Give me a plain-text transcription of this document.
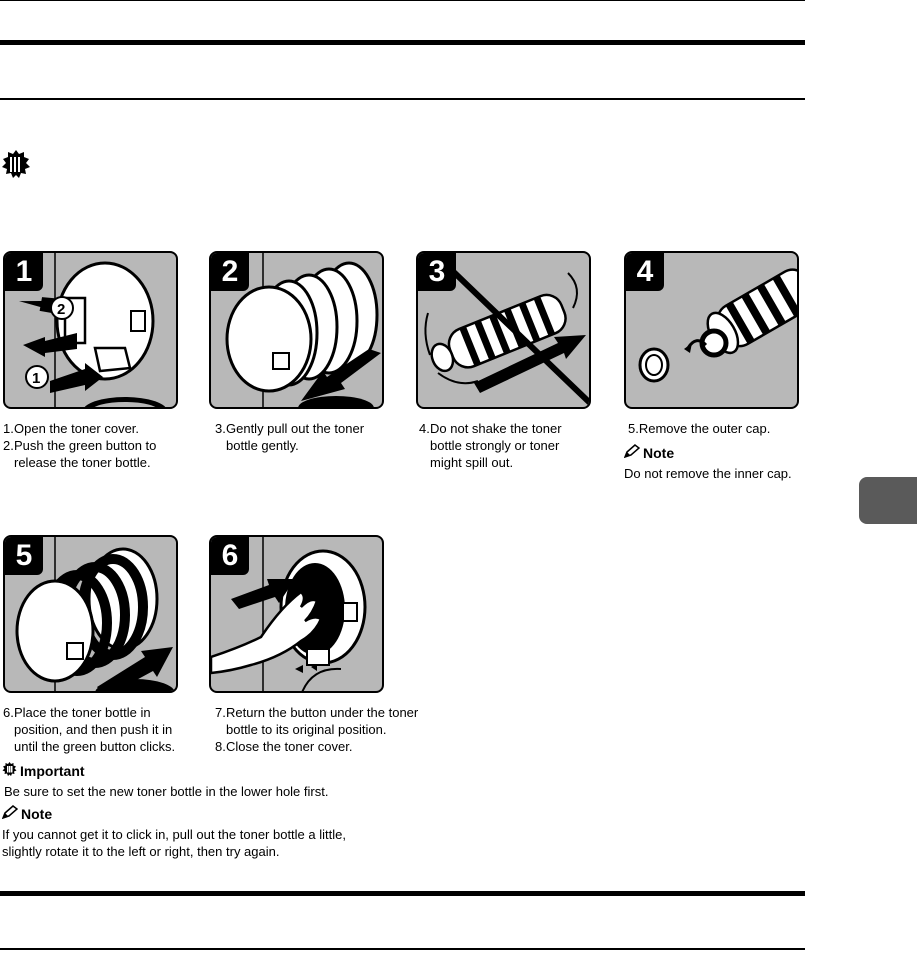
2
1
1	2	3	4
1. Open the toner cover.
2. Push the green button to release the toner bottle.
3. Gently pull out the toner bottle gently.
4. Do not shake the toner bottle strongly or toner might spill out.
5.Remove the outer cap.
Note
Do not remove the inner cap.
5	6
6. Place the toner bottle in position, and then push it in until the green button clicks.
7. Return the button under the toner bottle to its original position.
8. Close the toner cover.
Important
Be sure to set the new toner bottle in the lower hole first.
Note
If you cannot get it to click in, pull out the toner bottle a little,
slightly rotate it to the left or right, then try again.
